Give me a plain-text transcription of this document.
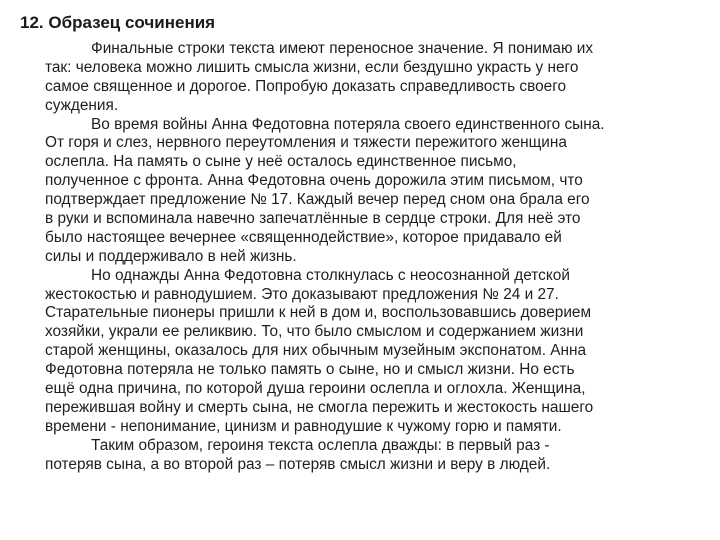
12. Образец сочинения
Финальные строки текста имеют переносное значение. Я понимаю их
так: человека можно лишить смысла жизни, если бездушно украсть у него
самое священное и дорогое. Попробую доказать справедливость своего
суждения.
Во время войны Анна Федотовна потеряла своего единственного сына.
От горя и слез, нервного переутомления и тяжести пережитого женщина
ослепла. На память о сыне у неё осталось единственное письмо,
полученное с фронта. Анна Федотовна очень дорожила этим письмом, что
подтверждает предложение № 17. Каждый вечер перед сном она брала его
в руки и вспоминала навечно запечатлённые в сердце строки. Для неё это
было настоящее вечернее «священнодействие», которое придавало ей
силы и поддерживало в ней жизнь.
Но однажды Анна Федотовна столкнулась с неосознанной детской
жестокостью и равнодушием. Это доказывают предложения № 24 и 27.
Старательные пионеры пришли к ней в дом и, воспользовавшись доверием
хозяйки, украли ее реликвию. То, что было смыслом и содержанием жизни
старой женщины, оказалось для них обычным музейным экспонатом. Анна
Федотовна потеряла не только память о сыне, но и смысл жизни. Но есть
ещё одна причина, по которой душа героини ослепла и оглохла. Женщина,
пережившая войну и смерть сына, не смогла пережить и жестокость нашего
времени - непонимание, цинизм и равнодушие к чужому горю и памяти.
Таким образом, героиня текста ослепла дважды: в первый раз -
потеряв сына, а во второй раз – потеряв смысл жизни и веру в людей.
